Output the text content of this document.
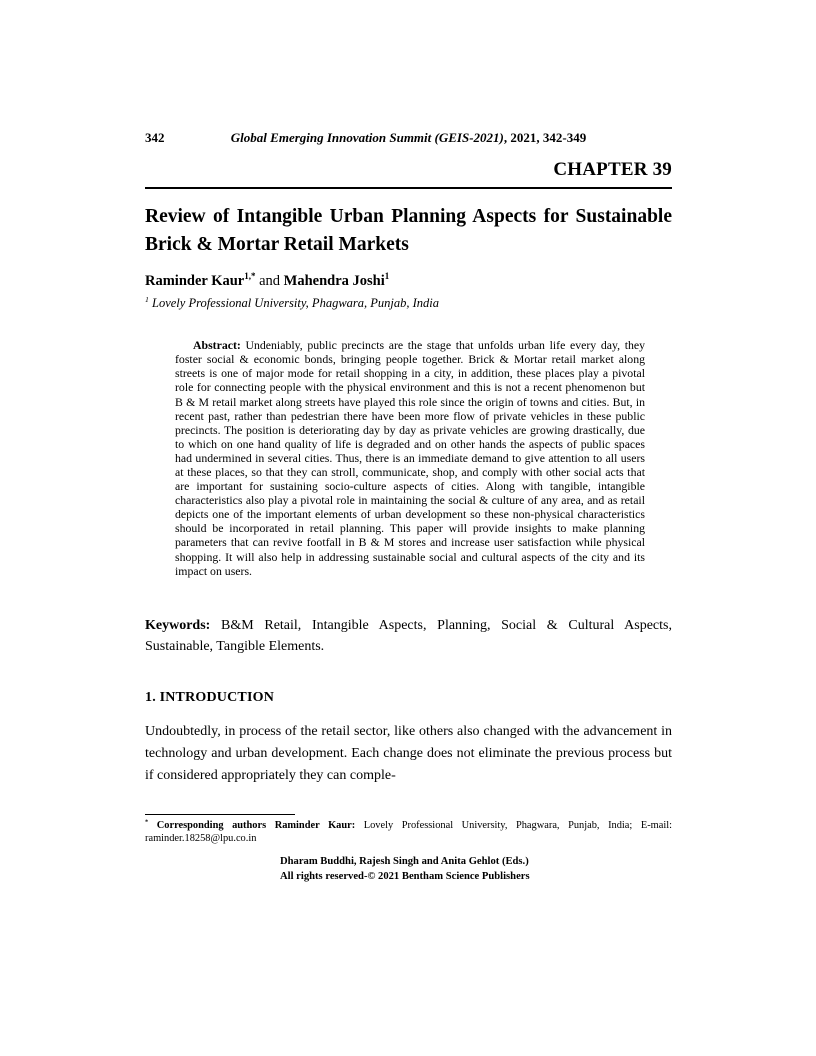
342	Global Emerging Innovation Summit (GEIS-2021), 2021, 342-349
CHAPTER 39
Review of Intangible Urban Planning Aspects for Sustainable Brick & Mortar Retail Markets

Raminder Kaur$^{1,*}$ and Mahendra Joshi$^1$

$^1$ Lovely Professional University, Phagwara, Punjab, India

Abstract: Undeniably, public precincts are the stage that unfolds urban life every day, they foster social & economic bonds, bringing people together. Brick & Mortar retail market along streets is one of major mode for retail shopping in a city, in addition, these places play a pivotal role for connecting people with the physical environment and this is not a recent phenomenon but B & M retail market along streets have played this role since the origin of towns and cities. But, in recent past, rather than pedestrian there have been more flow of private vehicles in these public precincts. The position is deteriorating day by day as private vehicles are growing drastically, due to which on one hand quality of life is degraded and on other hands the aspects of public spaces had undermined in several cities. Thus, there is an immediate demand to give attention to all users at these places, so that they can stroll, communicate, shop, and comply with other social acts that are important for sustaining socio-culture aspects of cities. Along with tangible, intangible characteristics also play a pivotal role in maintaining the social & culture of any area, and as retail depicts one of the important elements of urban development so these non-physical characteristics should be incorporated in retail planning. This paper will provide insights to make planning parameters that can revive footfall in B & M stores and increase user satisfaction while physical shopping. It will also help in addressing sustainable social and cultural aspects of the city and its impact on users.

Keywords: B&M Retail, Intangible Aspects, Planning, Social & Cultural Aspects, Sustainable, Tangible Elements.

1. INTRODUCTION

Undoubtedly, in process of the retail sector, like others also changed with the advancement in technology and urban development. Each change does not eliminate the previous process but if considered appropriately they can comple-

* Corresponding authors Raminder Kaur: Lovely Professional University, Phagwara, Punjab, India; E-mail: raminder.18258@lpu.co.in

Dharam Buddhi, Rajesh Singh and Anita Gehlot (Eds.)
All rights reserved-© 2021 Bentham Science Publishers
